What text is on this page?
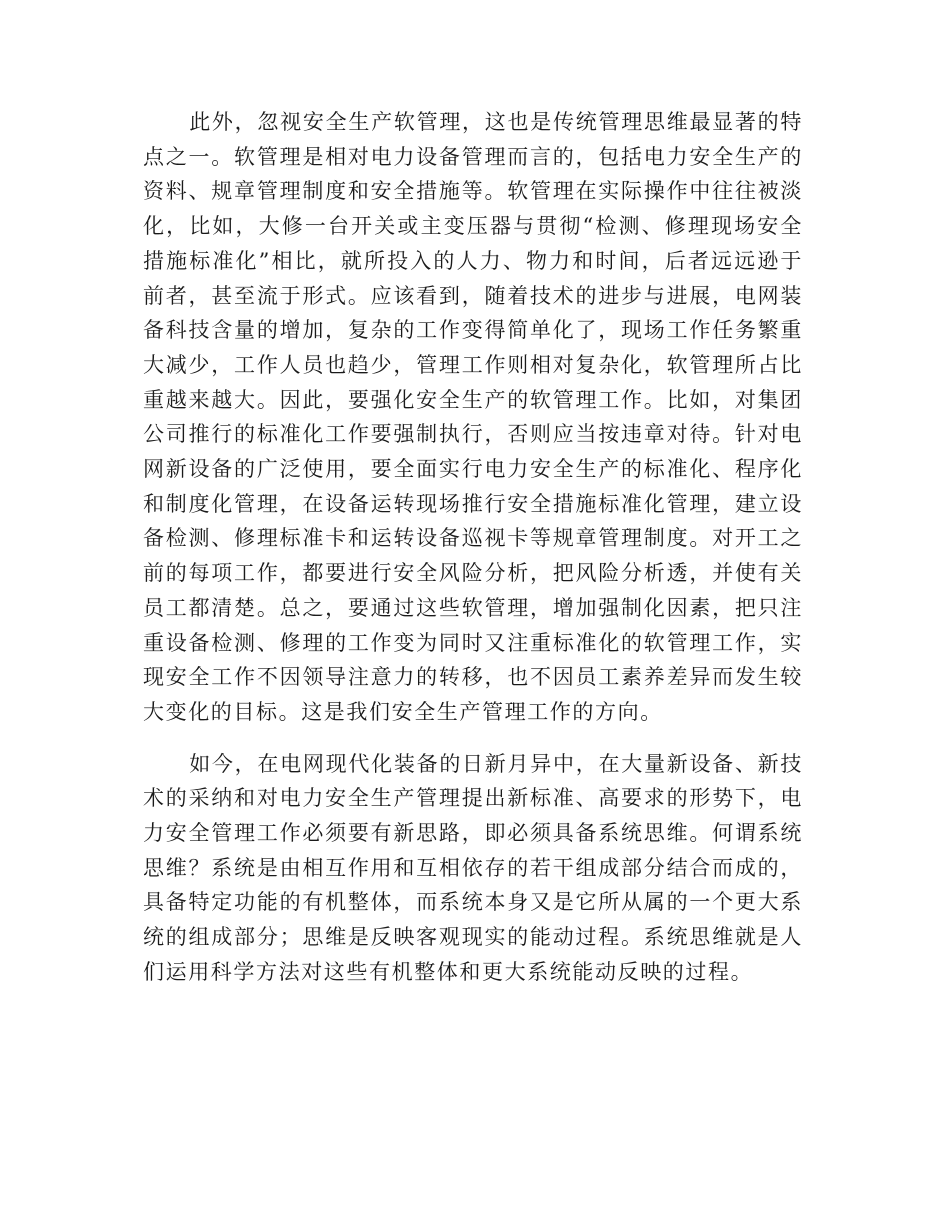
此外，忽视安全生产软管理，这也是传统管理思维最显著的特点之一。软管理是相对电力设备管理而言的，包括电力安全生产的资料、规章管理制度和安全措施等。软管理在实际操作中往往被淡化，比如，大修一台开关或主变压器与贯彻“检测、修理现场安全措施标准化”相比，就所投入的人力、物力和时间，后者远远逊于前者，甚至流于形式。应该看到，随着技术的进步与进展，电网装备科技含量的增加，复杂的工作变得简单化了，现场工作任务繁重大减少，工作人员也趋少，管理工作则相对复杂化，软管理所占比重越来越大。因此，要强化安全生产的软管理工作。比如，对集团公司推行的标准化工作要强制执行，否则应当按违章对待。针对电网新设备的广泛使用，要全面实行电力安全生产的标准化、程序化和制度化管理，在设备运转现场推行安全措施标准化管理，建立设备检测、修理标准卡和运转设备巡视卡等规章管理制度。对开工之前的每项工作，都要进行安全风险分析，把风险分析透，并使有关员工都清楚。总之，要通过这些软管理，增加强制化因素，把只注重设备检测、修理的工作变为同时又注重标准化的软管理工作，实现安全工作不因领导注意力的转移，也不因员工素养差异而发生较大变化的目标。这是我们安全生产管理工作的方向。

如今，在电网现代化装备的日新月异中，在大量新设备、新技术的采纳和对电力安全生产管理提出新标准、高要求的形势下，电力安全管理工作必须要有新思路，即必须具备系统思维。何谓系统思维？系统是由相互作用和互相依存的若干组成部分结合而成的，具备特定功能的有机整体，而系统本身又是它所从属的一个更大系统的组成部分；思维是反映客观现实的能动过程。系统思维就是人们运用科学方法对这些有机整体和更大系统能动反映的过程。
